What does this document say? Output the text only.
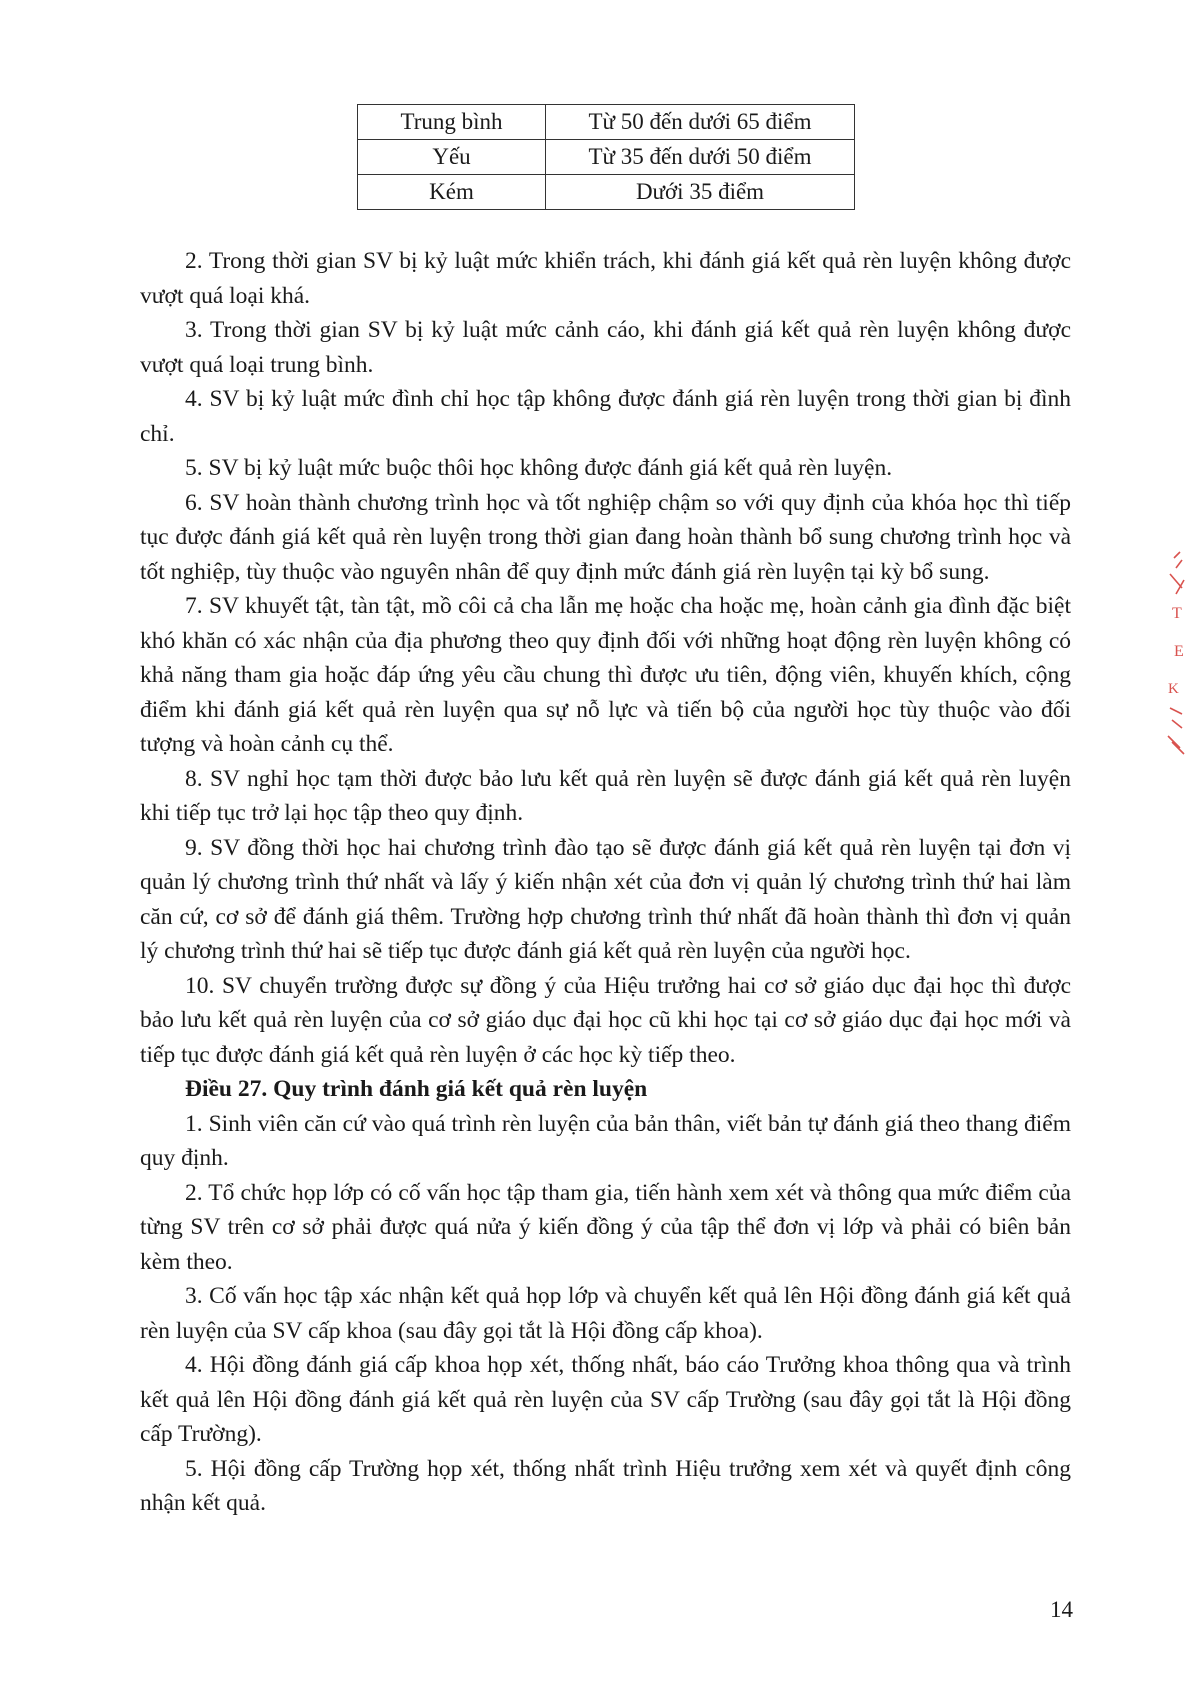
Trung bình	Từ 50 đến dưới 65 điểm
Yếu	Từ 35 đến dưới 50 điểm
Kém	Dưới 35 điểm

2. Trong thời gian SV bị kỷ luật mức khiển trách, khi đánh giá kết quả rèn luyện không được vượt quá loại khá.

3. Trong thời gian SV bị kỷ luật mức cảnh cáo, khi đánh giá kết quả rèn luyện không được vượt quá loại trung bình.

4. SV bị kỷ luật mức đình chỉ học tập không được đánh giá rèn luyện trong thời gian bị đình chỉ.

5. SV bị kỷ luật mức buộc thôi học không được đánh giá kết quả rèn luyện.

6. SV hoàn thành chương trình học và tốt nghiệp chậm so với quy định của khóa học thì tiếp tục được đánh giá kết quả rèn luyện trong thời gian đang hoàn thành bổ sung chương trình học và tốt nghiệp, tùy thuộc vào nguyên nhân để quy định mức đánh giá rèn luyện tại kỳ bổ sung.

7. SV khuyết tật, tàn tật, mồ côi cả cha lẫn mẹ hoặc cha hoặc mẹ, hoàn cảnh gia đình đặc biệt khó khăn có xác nhận của địa phương theo quy định đối với những hoạt động rèn luyện không có khả năng tham gia hoặc đáp ứng yêu cầu chung thì được ưu tiên, động viên, khuyến khích, cộng điểm khi đánh giá kết quả rèn luyện qua sự nỗ lực và tiến bộ của người học tùy thuộc vào đối tượng và hoàn cảnh cụ thể.

8. SV nghỉ học tạm thời được bảo lưu kết quả rèn luyện sẽ được đánh giá kết quả rèn luyện khi tiếp tục trở lại học tập theo quy định.

9. SV đồng thời học hai chương trình đào tạo sẽ được đánh giá kết quả rèn luyện tại đơn vị quản lý chương trình thứ nhất và lấy ý kiến nhận xét của đơn vị quản lý chương trình thứ hai làm căn cứ, cơ sở để đánh giá thêm. Trường hợp chương trình thứ nhất đã hoàn thành thì đơn vị quản lý chương trình thứ hai sẽ tiếp tục được đánh giá kết quả rèn luyện của người học.

10. SV chuyển trường được sự đồng ý của Hiệu trưởng hai cơ sở giáo dục đại học thì được bảo lưu kết quả rèn luyện của cơ sở giáo dục đại học cũ khi học tại cơ sở giáo dục đại học mới và tiếp tục được đánh giá kết quả rèn luyện ở các học kỳ tiếp theo.

Điều 27. Quy trình đánh giá kết quả rèn luyện

1. Sinh viên căn cứ vào quá trình rèn luyện của bản thân, viết bản tự đánh giá theo thang điểm quy định.

2. Tổ chức họp lớp có cố vấn học tập tham gia, tiến hành xem xét và thông qua mức điểm của từng SV trên cơ sở phải được quá nửa ý kiến đồng ý của tập thể đơn vị lớp và phải có biên bản kèm theo.

3. Cố vấn học tập xác nhận kết quả họp lớp và chuyển kết quả lên Hội đồng đánh giá kết quả rèn luyện của SV cấp khoa (sau đây gọi tắt là Hội đồng cấp khoa).

4. Hội đồng đánh giá cấp khoa họp xét, thống nhất, báo cáo Trưởng khoa thông qua và trình kết quả lên Hội đồng đánh giá kết quả rèn luyện của SV cấp Trường (sau đây gọi tắt là Hội đồng cấp Trường).

5. Hội đồng cấp Trường họp xét, thống nhất trình Hiệu trưởng xem xét và quyết định công nhận kết quả.

T
E
K
14
